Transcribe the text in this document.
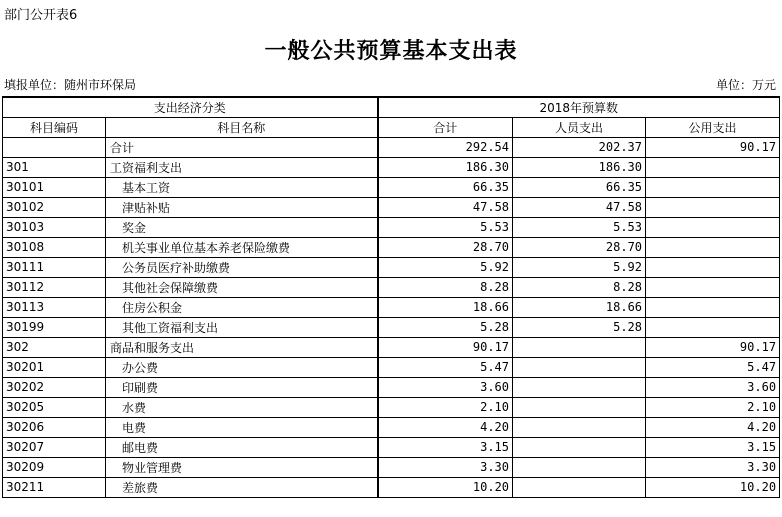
部门公开表6
一般公共预算基本支出表
填报单位：随州市环保局	单位：万元
支出经济分类		2018年预算数		
科目编码	科目名称	合计	人员支出	公用支出
	合计	292.54	202.37	90.17
301	工资福利支出	186.30	186.30	
30101	基本工资	66.35	66.35	
30102	津贴补贴	47.58	47.58	
30103	奖金	5.53	5.53	
30108	机关事业单位基本养老保险缴费	28.70	28.70	
30111	公务员医疗补助缴费	5.92	5.92	
30112	其他社会保障缴费	8.28	8.28	
30113	住房公积金	18.66	18.66	
30199	其他工资福利支出	5.28	5.28	
302	商品和服务支出	90.17		90.17
30201	办公费	5.47		5.47
30202	印刷费	3.60		3.60
30205	水费	2.10		2.10
30206	电费	4.20		4.20
30207	邮电费	3.15		3.15
30209	物业管理费	3.30		3.30
30211	差旅费	10.20		10.20
